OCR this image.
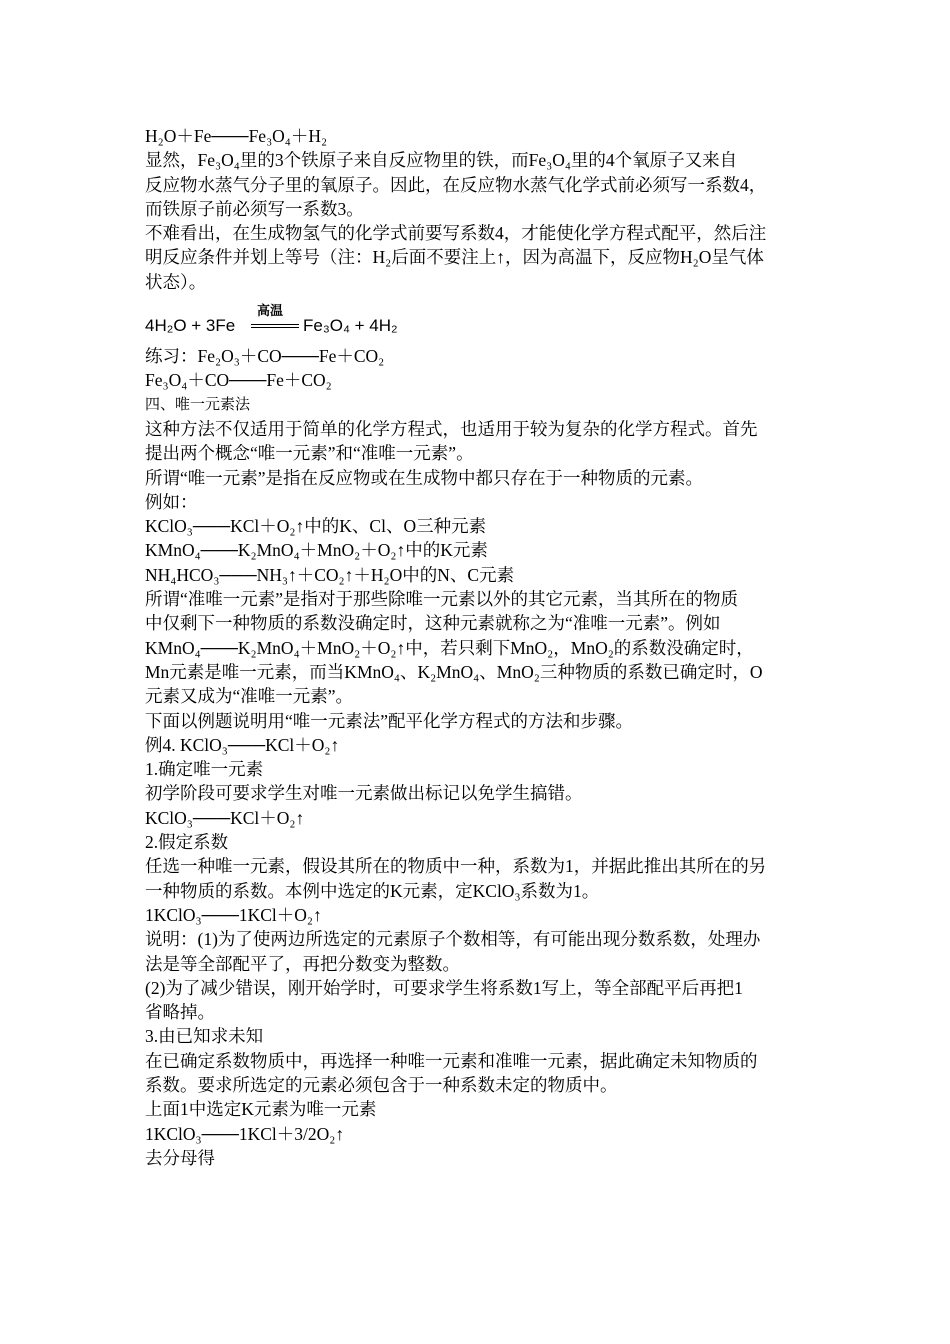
H₂O＋Fe───Fe₃O₄＋H₂
显然，Fe₃O₄里的3个铁原子来自反应物里的铁，而Fe₃O₄里的4个氧原子又来自
反应物水蒸气分子里的氧原子。因此，在反应物水蒸气化学式前必须写一系数4，
而铁原子前必须写一系数3。
不难看出，在生成物氢气的化学式前要写系数4，才能使化学方程式配平，然后注
明反应条件并划上等号（注：H₂后面不要注上↑，因为高温下，反应物H₂O呈气体
状态）。
4H₂O + 3Fe
高温
Fe₃O₄ + 4H₂
练习：Fe₂O₃＋CO───Fe＋CO₂
Fe₃O₄＋CO───Fe＋CO₂
四、唯一元素法
这种方法不仅适用于简单的化学方程式，也适用于较为复杂的化学方程式。首先
提出两个概念“唯一元素”和“准唯一元素”。
所谓“唯一元素”是指在反应物或在生成物中都只存在于一种物质的元素。
例如：
KClO₃───KCl＋O₂↑中的K、Cl、O三种元素
KMnO₄───K₂MnO₄＋MnO₂＋O₂↑中的K元素
NH₄HCO₃───NH₃↑＋CO₂↑＋H₂O中的N、C元素
所谓“准唯一元素”是指对于那些除唯一元素以外的其它元素，当其所在的物质
中仅剩下一种物质的系数没确定时，这种元素就称之为“准唯一元素”。例如
KMnO₄───K₂MnO₄＋MnO₂＋O₂↑中，若只剩下MnO₂，MnO₂的系数没确定时，
Mn元素是唯一元素，而当KMnO₄、K₂MnO₄、MnO₂三种物质的系数已确定时，O
元素又成为“准唯一元素”。
下面以例题说明用“唯一元素法”配平化学方程式的方法和步骤。
例4. KClO₃───KCl＋O₂↑
1.确定唯一元素
初学阶段可要求学生对唯一元素做出标记以免学生搞错。
KClO₃───KCl＋O₂↑
2.假定系数
任选一种唯一元素，假设其所在的物质中一种，系数为1，并据此推出其所在的另
一种物质的系数。本例中选定的K元素，定KClO₃系数为1。
1KClO₃───1KCl＋O₂↑
说明：(1)为了使两边所选定的元素原子个数相等，有可能出现分数系数，处理办
法是等全部配平了，再把分数变为整数。
(2)为了减少错误，刚开始学时，可要求学生将系数1写上，等全部配平后再把1
省略掉。
3.由已知求未知
在已确定系数物质中，再选择一种唯一元素和准唯一元素，据此确定未知物质的
系数。要求所选定的元素必须包含于一种系数未定的物质中。
上面1中选定K元素为唯一元素
1KClO₃───1KCl＋3/2O₂↑
去分母得
